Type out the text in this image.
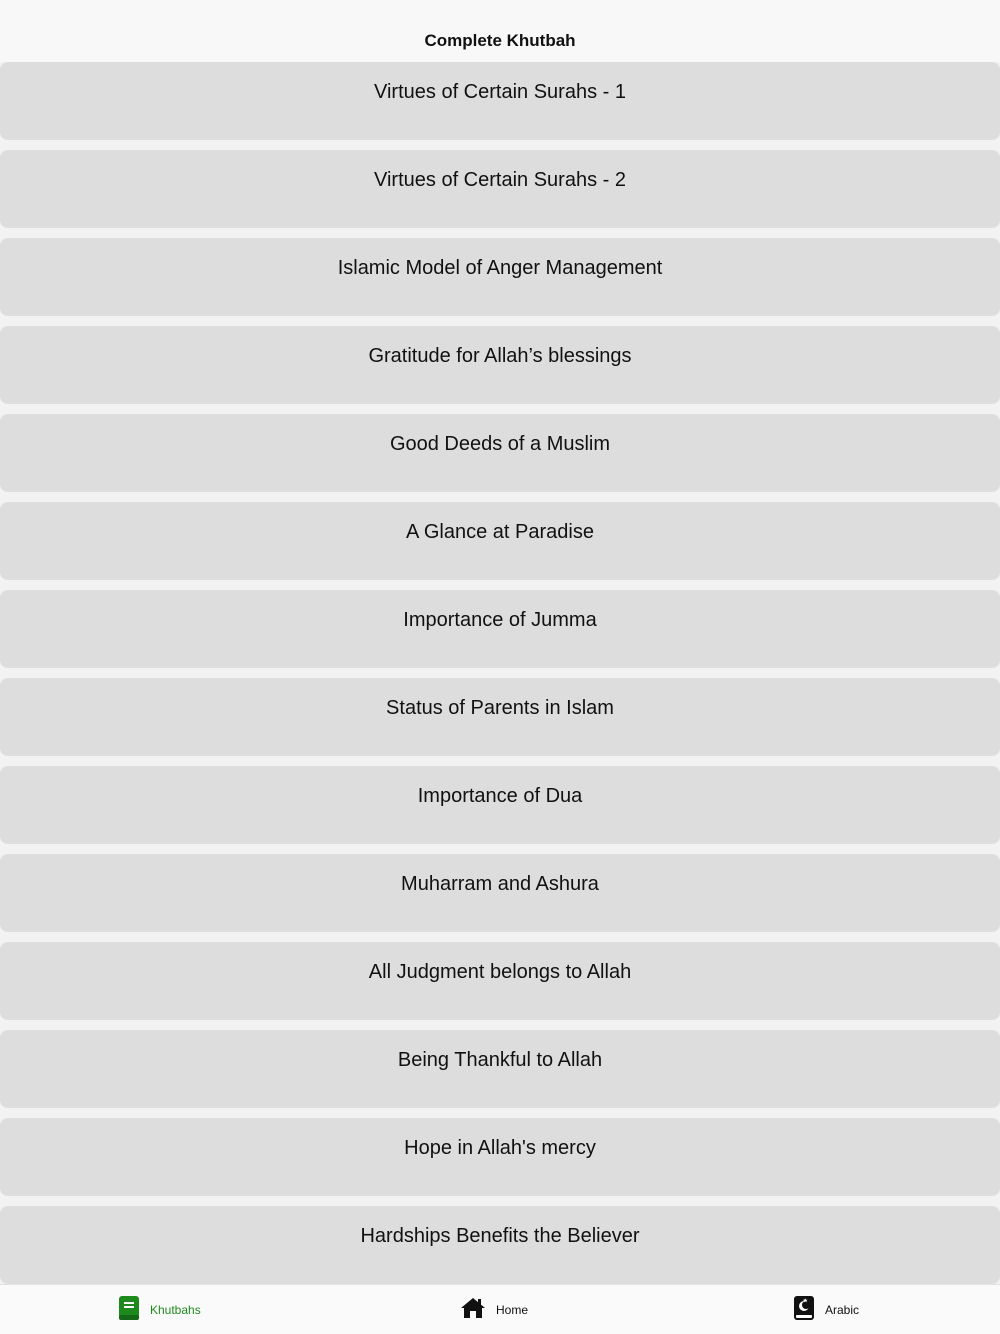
Complete Khutbah
Virtues of Certain Surahs - 1
Virtues of Certain Surahs - 2
Islamic Model of Anger Management
Gratitude for Allah’s blessings
Good Deeds of a Muslim
A Glance at Paradise
Importance of Jumma
Status of Parents in Islam
Importance of Dua
Muharram and Ashura
All Judgment belongs to Allah
Being Thankful to Allah
Hope in Allah's mercy
Hardships Benefits the Believer
Khutbahs	Home	Arabic
